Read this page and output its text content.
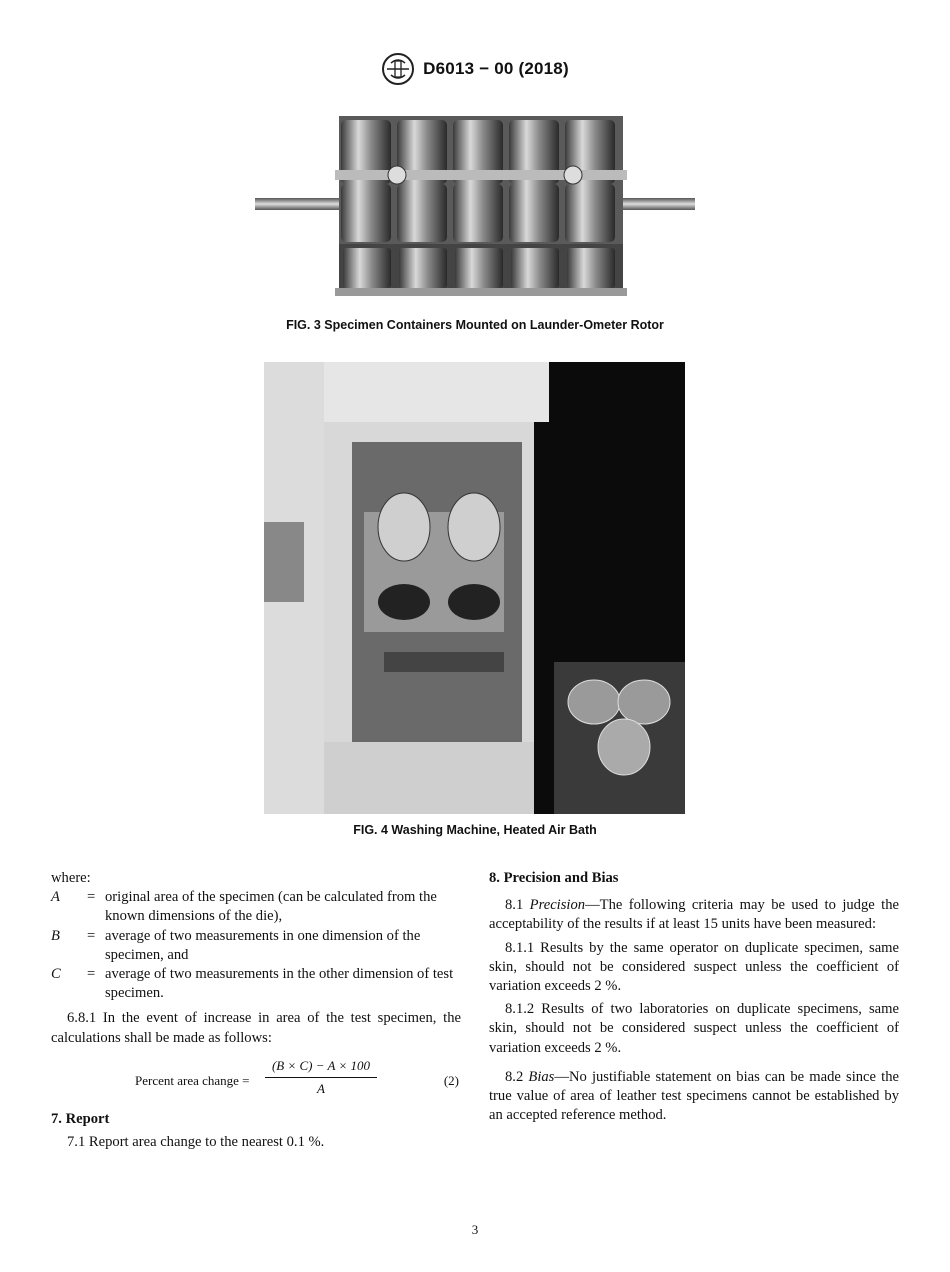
D6013 − 00 (2018)
FIG. 3 Specimen Containers Mounted on Launder-Ometer Rotor
FIG. 4 Washing Machine, Heated Air Bath

where:

A	= original area of the specimen (can be calculated from the known dimensions of the die),
B	= average of two measurements in one dimension of the specimen, and
C	= average of two measurements in the other dimension of test specimen.

6.8.1 In the event of increase in area of the test specimen, the calculations shall be made as follows:

Percent area change = $\frac{(B \times C) - A \times 100}{A}$	(2)

7. Report

7.1 Report area change to the nearest 0.1 %.

8. Precision and Bias

8.1 Precision—The following criteria may be used to judge the acceptability of the results if at least 15 units have been measured:

8.1.1 Results by the same operator on duplicate specimen, same skin, should not be considered suspect unless the coefficient of variation exceeds 2 %.

8.1.2 Results of two laboratories on duplicate specimens, same skin, should not be considered suspect unless the coefficient of variation exceeds 2 %.

8.2 Bias—No justifiable statement on bias can be made since the true value of area of leather test specimens cannot be established by an accepted reference method.

3
